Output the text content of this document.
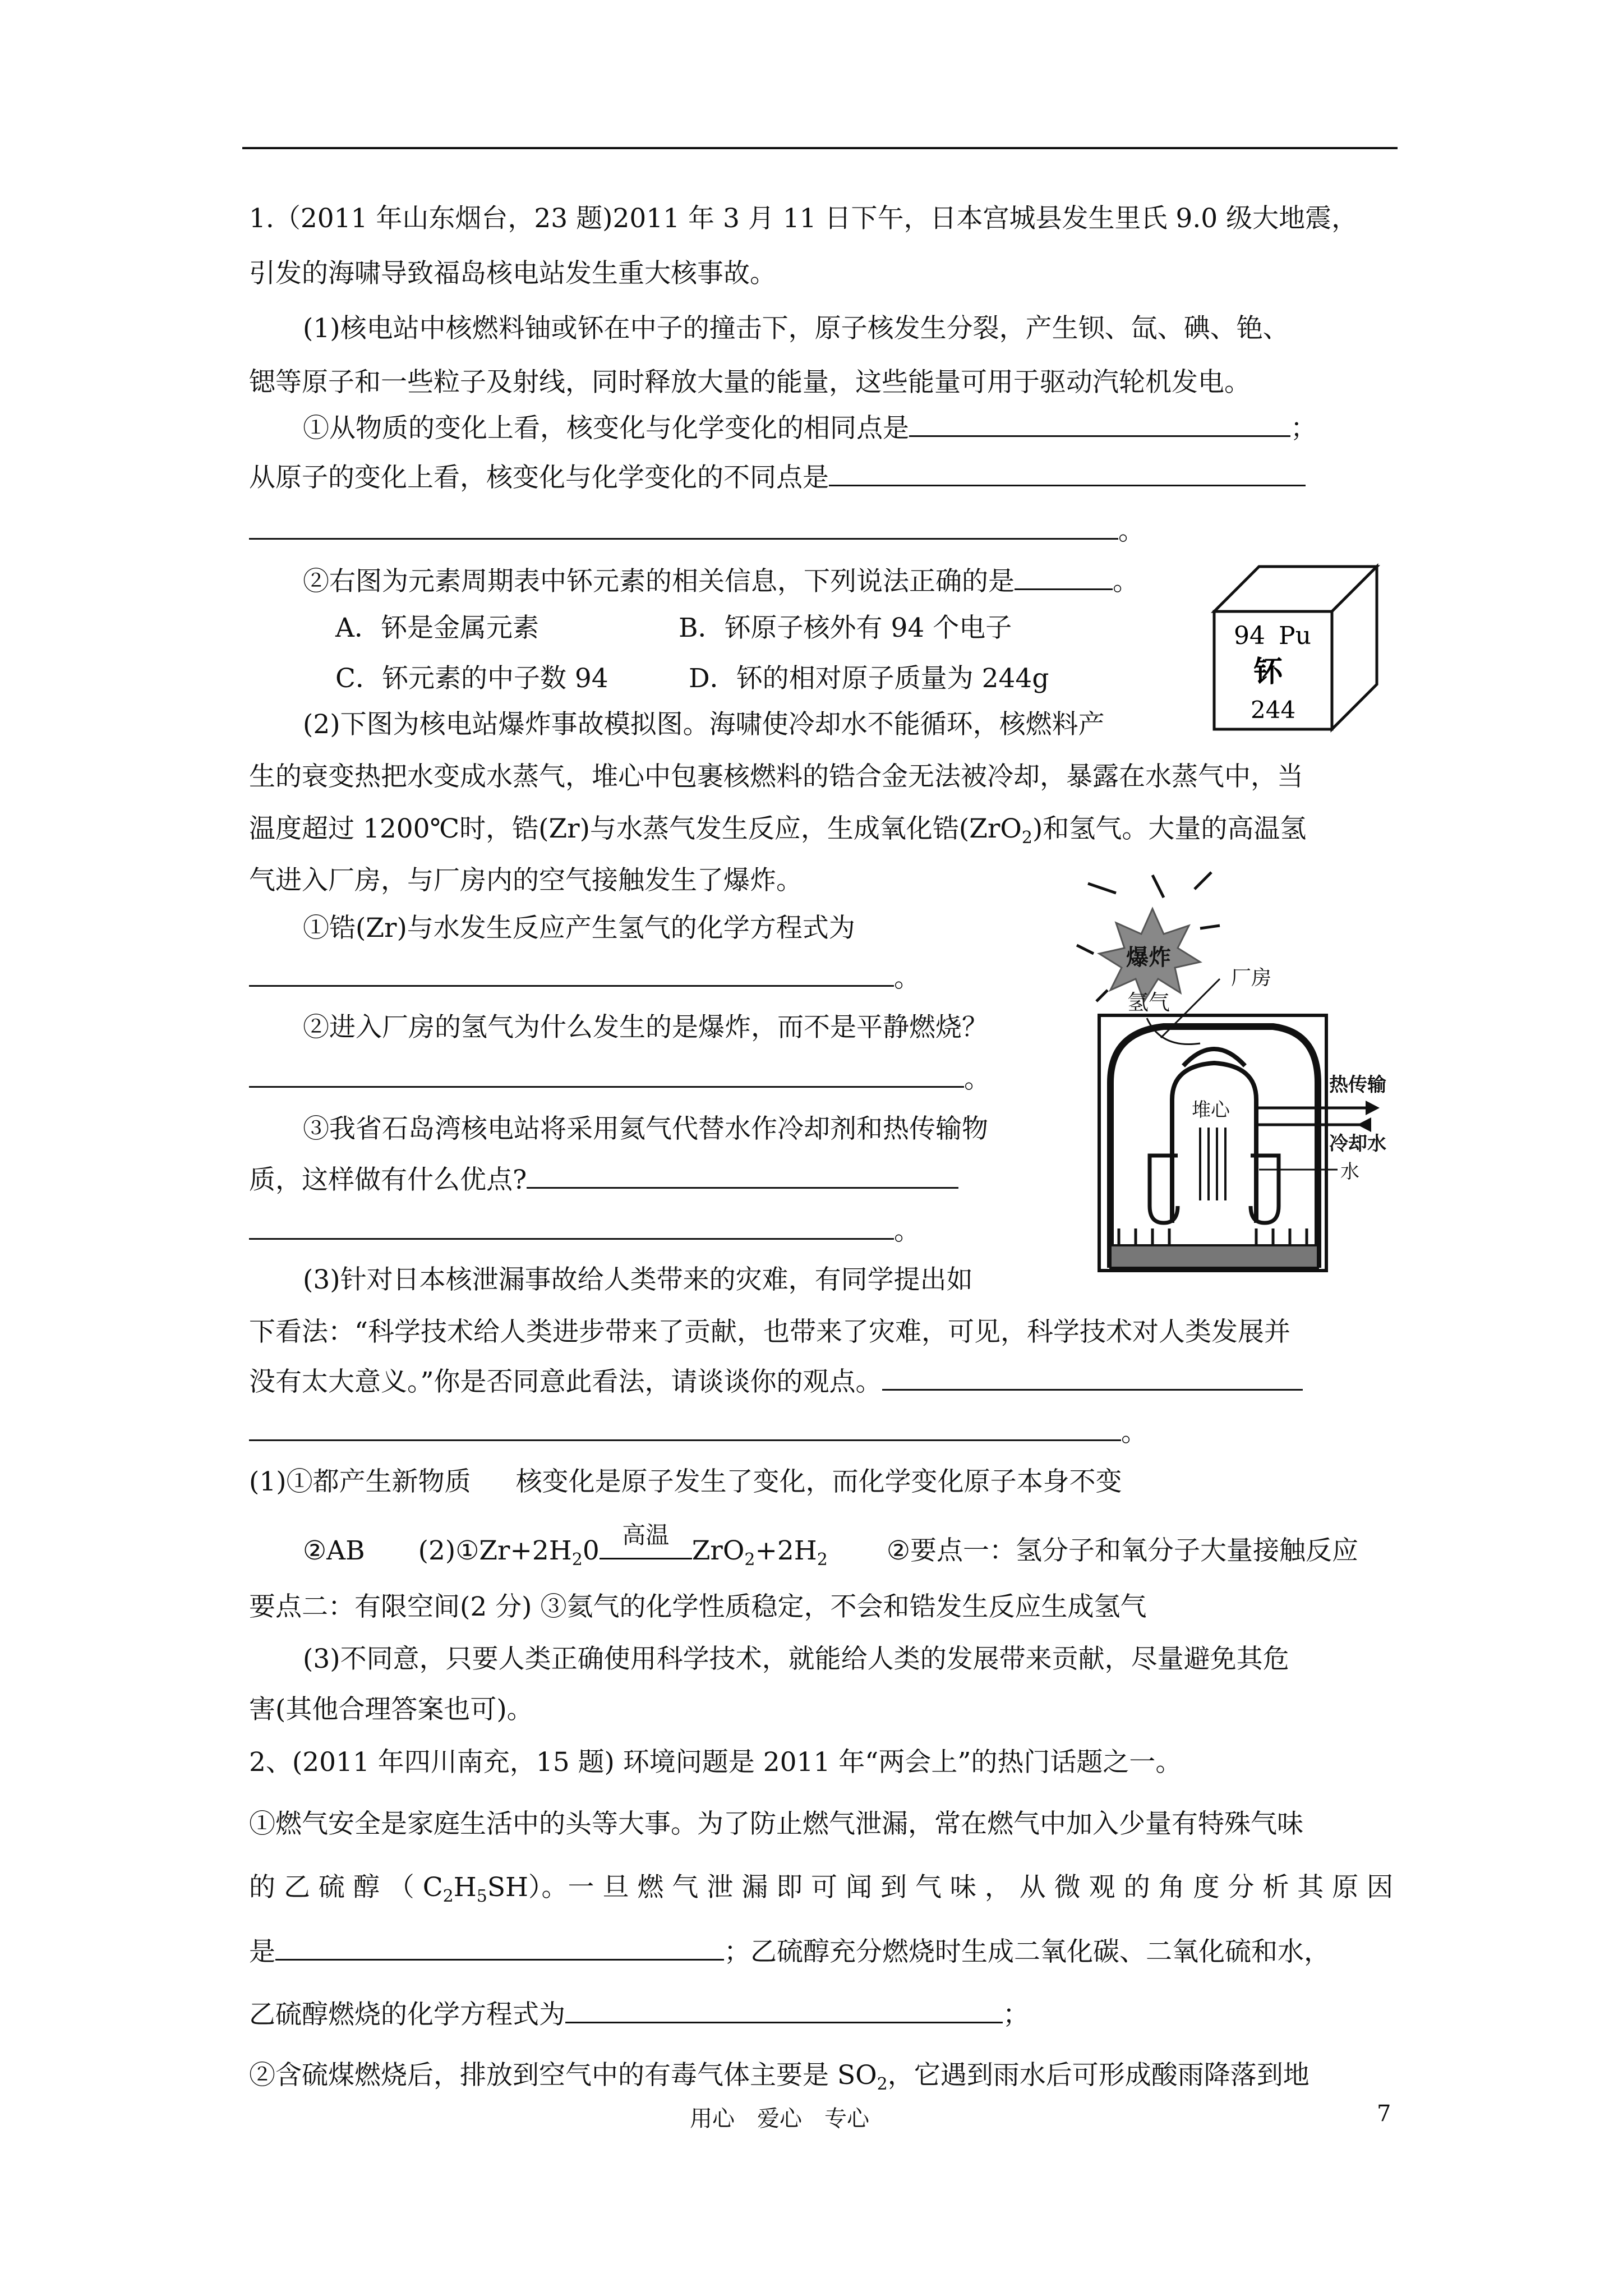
1.（2011 年山东烟台，23 题)2011 年 3 月 11 日下午，日本宫城县发生里氏 9.0 级大地震，
引发的海啸导致福岛核电站发生重大核事故。
(1)核电站中核燃料铀或钚在中子的撞击下，原子核发生分裂，产生钡、氙、碘、铯、
锶等原子和一些粒子及射线，同时释放大量的能量，这些能量可用于驱动汽轮机发电。
①从物质的变化上看，核变化与化学变化的相同点是	；
从原子的变化上看，核变化与化学变化的不同点是
。
②右图为元素周期表中钚元素的相关信息，下列说法正确的是	。
A．钚是金属元素	B．钚原子核外有 94 个电子
C．钚元素的中子数 94	D．钚的相对原子质量为 244g
94 Pu
钚
244
(2)下图为核电站爆炸事故模拟图。海啸使冷却水不能循环，核燃料产
生的衰变热把水变成水蒸气，堆心中包裹核燃料的锆合金无法被冷却，暴露在水蒸气中，当
温度超过 1200℃时，锆(Zr)与水蒸气发生反应，生成氧化锆(ZrO$_2$)和氢气。大量的高温氢
气进入厂房，与厂房内的空气接触发生了爆炸。
①锆(Zr)与水发生反应产生氢气的化学方程式为
。
②进入厂房的氢气为什么发生的是爆炸，而不是平静燃烧？
。
③我省石岛湾核电站将采用氦气代替水作冷却剂和热传输物
质，这样做有什么优点?
。
爆炸
氢气
厂房
堆心
热传输
冷却水
水
(3)针对日本核泄漏事故给人类带来的灾难，有同学提出如
下看法：“科学技术给人类进步带来了贡献，也带来了灾难，可见，科学技术对人类发展并
没有太大意义。”你是否同意此看法，请谈谈你的观点。
。
(1)①都产生新物质 核变化是原子发生了变化，而化学变化原子本身不变
②AB $(2)①Zr+2H_20$
高温
$ZrO_2+2H_2$ ②要点一：氢分子和氧分子大量接触反应
要点二：有限空间(2 分) ③氦气的化学性质稳定，不会和锆发生反应生成氢气
(3)不同意，只要人类正确使用科学技术，就能给人类的发展带来贡献，尽量避免其危
害(其他合理答案也可)。
2、(2011 年四川南充，15 题) 环境问题是 2011 年“两会上”的热门话题之一。
①燃气安全是家庭生活中的头等大事。为了防止燃气泄漏，常在燃气中加入少量有特殊气味
的 乙 硫 醇 （ $C_2H_5SH$）。一 旦 燃 气 泄 漏 即 可 闻 到 气 味 ， 从 微 观 的 角 度 分 析 其 原 因
是	；乙硫醇充分燃烧时生成二氧化碳、二氧化硫和水，
乙硫醇燃烧的化学方程式为	；
②含硫煤燃烧后，排放到空气中的有毒气体主要是 $SO_2$，它遇到雨水后可形成酸雨降落到地
用心　爱心　专心	7
